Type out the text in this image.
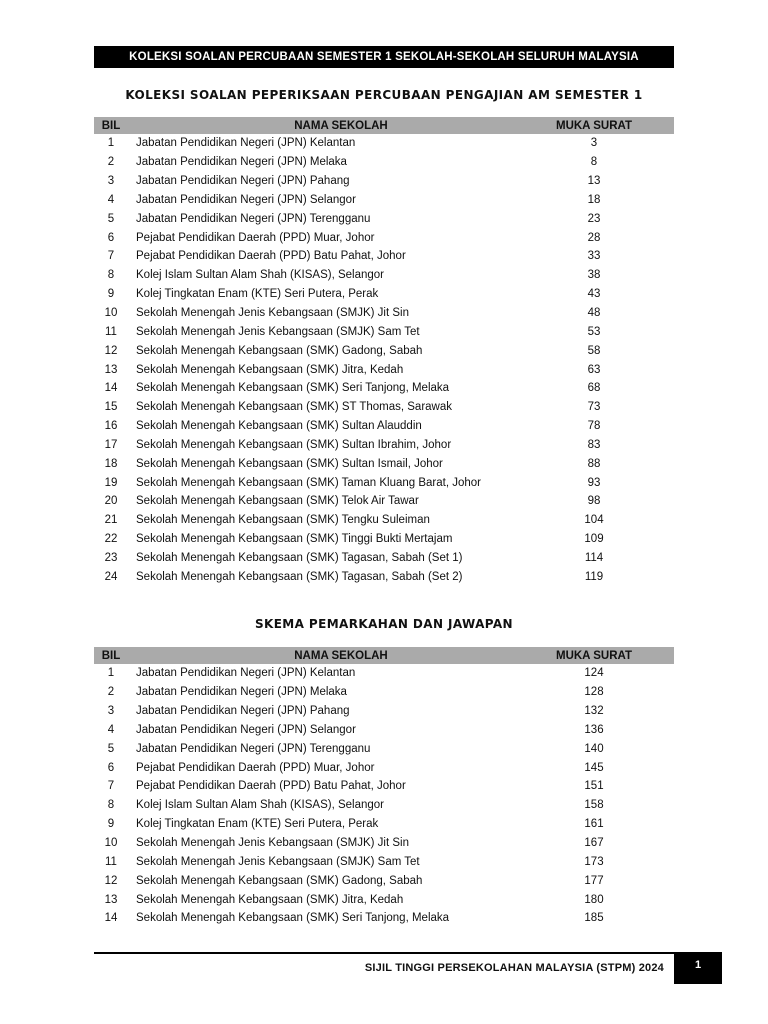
KOLEKSI SOALAN PERCUBAAN SEMESTER 1 SEKOLAH-SEKOLAH SELURUH MALAYSIA
KOLEKSI SOALAN PEPERIKSAAN PERCUBAAN PENGAJIAN AM SEMESTER 1
BIL	NAMA SEKOLAH	MUKA SURAT
1	Jabatan Pendidikan Negeri (JPN) Kelantan	3
2	Jabatan Pendidikan Negeri (JPN) Melaka	8
3	Jabatan Pendidikan Negeri (JPN) Pahang	13
4	Jabatan Pendidikan Negeri (JPN) Selangor	18
5	Jabatan Pendidikan Negeri (JPN) Terengganu	23
6	Pejabat Pendidikan Daerah (PPD) Muar, Johor	28
7	Pejabat Pendidikan Daerah (PPD) Batu Pahat, Johor	33
8	Kolej Islam Sultan Alam Shah (KISAS), Selangor	38
9	Kolej Tingkatan Enam (KTE) Seri Putera, Perak	43
10	Sekolah Menengah Jenis Kebangsaan (SMJK) Jit Sin	48
11	Sekolah Menengah Jenis Kebangsaan (SMJK) Sam Tet	53
12	Sekolah Menengah Kebangsaan (SMK) Gadong, Sabah	58
13	Sekolah Menengah Kebangsaan (SMK) Jitra, Kedah	63
14	Sekolah Menengah Kebangsaan (SMK) Seri Tanjong, Melaka	68
15	Sekolah Menengah Kebangsaan (SMK) ST Thomas, Sarawak	73
16	Sekolah Menengah Kebangsaan (SMK) Sultan Alauddin	78
17	Sekolah Menengah Kebangsaan (SMK) Sultan Ibrahim, Johor	83
18	Sekolah Menengah Kebangsaan (SMK) Sultan Ismail, Johor	88
19	Sekolah Menengah Kebangsaan (SMK) Taman Kluang Barat, Johor	93
20	Sekolah Menengah Kebangsaan (SMK) Telok Air Tawar	98
21	Sekolah Menengah Kebangsaan (SMK) Tengku Suleiman	104
22	Sekolah Menengah Kebangsaan (SMK) Tinggi Bukti Mertajam	109
23	Sekolah Menengah Kebangsaan (SMK) Tagasan, Sabah (Set 1)	114
24	Sekolah Menengah Kebangsaan (SMK) Tagasan, Sabah (Set 2)	119
SKEMA PEMARKAHAN DAN JAWAPAN
BIL	NAMA SEKOLAH	MUKA SURAT
1	Jabatan Pendidikan Negeri (JPN) Kelantan	124
2	Jabatan Pendidikan Negeri (JPN) Melaka	128
3	Jabatan Pendidikan Negeri (JPN) Pahang	132
4	Jabatan Pendidikan Negeri (JPN) Selangor	136
5	Jabatan Pendidikan Negeri (JPN) Terengganu	140
6	Pejabat Pendidikan Daerah (PPD) Muar, Johor	145
7	Pejabat Pendidikan Daerah (PPD) Batu Pahat, Johor	151
8	Kolej Islam Sultan Alam Shah (KISAS), Selangor	158
9	Kolej Tingkatan Enam (KTE) Seri Putera, Perak	161
10	Sekolah Menengah Jenis Kebangsaan (SMJK) Jit Sin	167
11	Sekolah Menengah Jenis Kebangsaan (SMJK) Sam Tet	173
12	Sekolah Menengah Kebangsaan (SMK) Gadong, Sabah	177
13	Sekolah Menengah Kebangsaan (SMK) Jitra, Kedah	180
14	Sekolah Menengah Kebangsaan (SMK) Seri Tanjong, Melaka	185
SIJIL TINGGI PERSEKOLAHAN MALAYSIA (STPM) 2024	1
